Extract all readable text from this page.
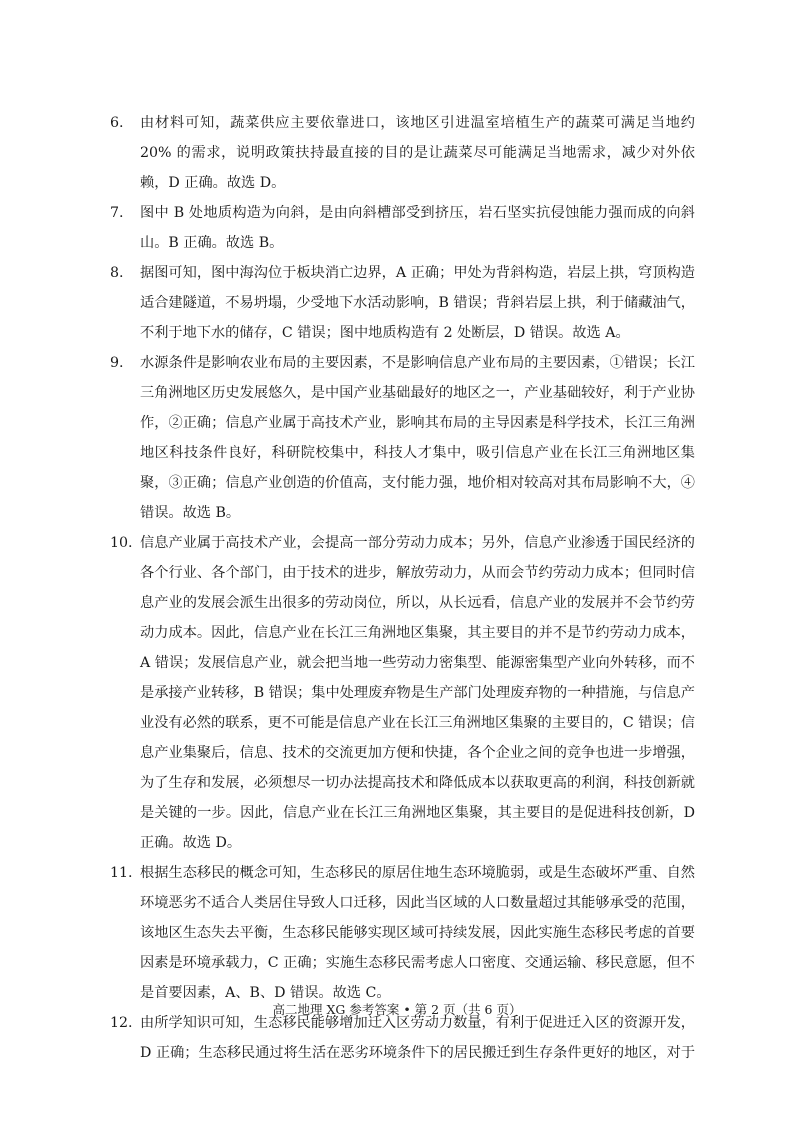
6.	由材料可知，蔬菜供应主要依靠进口，该地区引进温室培植生产的蔬菜可满足当地约 20% 的需求，说明政策扶持最直接的目的是让蔬菜尽可能满足当地需求，减少对外依赖，D 正确。故选 D。
7.	图中 B 处地质构造为向斜，是由向斜槽部受到挤压，岩石坚实抗侵蚀能力强而成的向斜山。B 正确。故选 B。
8.	据图可知，图中海沟位于板块消亡边界，A 正确；甲处为背斜构造，岩层上拱，穹顶构造适合建隧道，不易坍塌，少受地下水活动影响，B 错误；背斜岩层上拱，利于储藏油气，不利于地下水的储存，C 错误；图中地质构造有 2 处断层，D 错误。故选 A。
9.	水源条件是影响农业布局的主要因素，不是影响信息产业布局的主要因素，①错误；长江三角洲地区历史发展悠久，是中国产业基础最好的地区之一，产业基础较好，利于产业协作，②正确；信息产业属于高技术产业，影响其布局的主导因素是科学技术，长江三角洲地区科技条件良好，科研院校集中，科技人才集中，吸引信息产业在长江三角洲地区集聚，③正确；信息产业创造的价值高，支付能力强，地价相对较高对其布局影响不大，④错误。故选 B。
10. 信息产业属于高技术产业，会提高一部分劳动力成本；另外，信息产业渗透于国民经济的各个行业、各个部门，由于技术的进步，解放劳动力，从而会节约劳动力成本；但同时信息产业的发展会派生出很多的劳动岗位，所以，从长远看，信息产业的发展并不会节约劳动力成本。因此，信息产业在长江三角洲地区集聚，其主要目的并不是节约劳动力成本，A 错误；发展信息产业，就会把当地一些劳动力密集型、能源密集型产业向外转移，而不是承接产业转移，B 错误；集中处理废弃物是生产部门处理废弃物的一种措施，与信息产业没有必然的联系，更不可能是信息产业在长江三角洲地区集聚的主要目的，C 错误；信息产业集聚后，信息、技术的交流更加方便和快捷，各个企业之间的竞争也进一步增强，为了生存和发展，必须想尽一切办法提高技术和降低成本以获取更高的利润，科技创新就是关键的一步。因此，信息产业在长江三角洲地区集聚，其主要目的是促进科技创新，D 正确。故选 D。
11. 根据生态移民的概念可知，生态移民的原居住地生态环境脆弱，或是生态破坏严重、自然环境恶劣不适合人类居住导致人口迁移，因此当区域的人口数量超过其能够承受的范围，该地区生态失去平衡，生态移民能够实现区域可持续发展，因此实施生态移民考虑的首要因素是环境承载力，C 正确；实施生态移民需考虑人口密度、交通运输、移民意愿，但不是首要因素，A、B、D 错误。故选 C。
12. 由所学知识可知，生态移民能够增加迁入区劳动力数量，有利于促进迁入区的资源开发，D 正确；生态移民通过将生活在恶劣环境条件下的居民搬迁到生存条件更好的地区，对于
高二地理 XG 参考答案 • 第 2 页（共 6 页）
